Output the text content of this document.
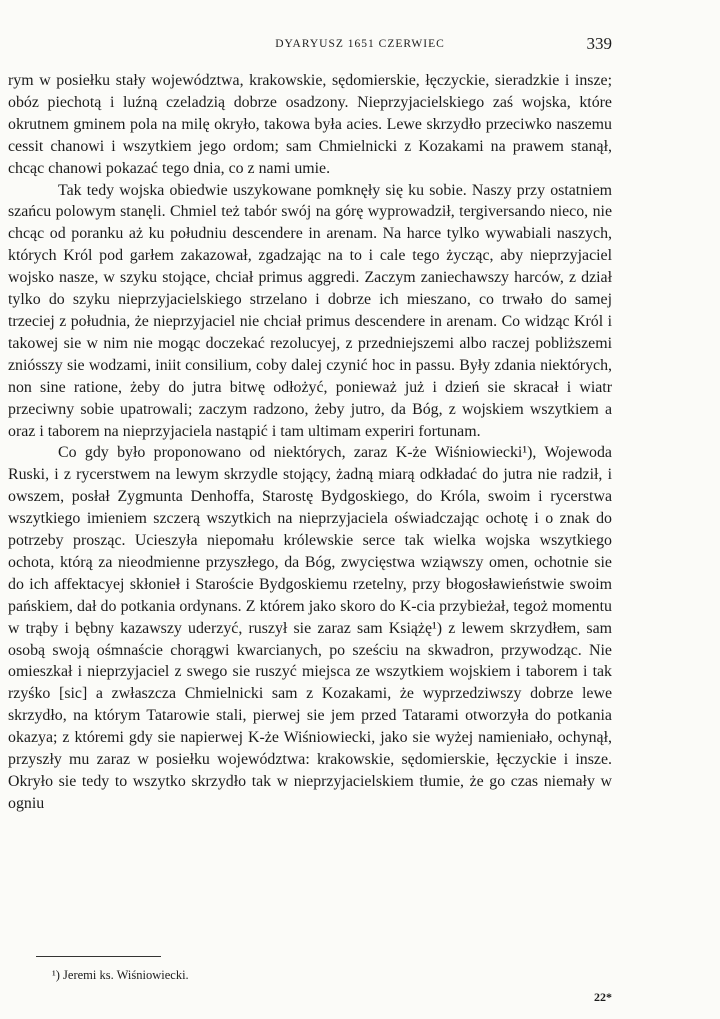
DYARYUSZ 1651 CZERWIEC	339

rym w posiełku stały województwa, krakowskie, sędomierskie, łęczyckie, sieradzkie i insze; obóz piechotą i luźną czeladzią dobrze osadzony. Nieprzyjacielskiego zaś wojska, które okrutnem gminem pola na milę okryło, takowa była acies. Lewe skrzydło przeciwko naszemu cessit chanowi i wszytkiem jego ordom; sam Chmielnicki z Kozakami na prawem stanął, chcąc chanowi pokazać tego dnia, co z nami umie.

Tak tedy wojska obiedwie uszykowane pomknęły się ku sobie. Naszy przy ostatniem szańcu polowym stanęli. Chmiel też tabór swój na górę wyprowadził, tergiversando nieco, nie chcąc od poranku aż ku południu descendere in arenam. Na harce tylko wywabiali naszych, których Król pod garłem zakazował, zgadzając na to i cale tego życząc, aby nieprzyjaciel wojsko nasze, w szyku stojące, chciał primus aggredi. Zaczym zaniechawszy harców, z dział tylko do szyku nieprzyjacielskiego strzelano i dobrze ich mieszano, co trwało do samej trzeciej z południa, że nieprzyjaciel nie chciał primus descendere in arenam. Co widząc Król i takowej sie w nim nie mogąc doczekać rezolucyej, z przedniejszemi albo raczej pobliższemi zniósszy sie wodzami, iniit consilium, coby dalej czynić hoc in passu. Były zdania niektórych, non sine ratione, żeby do jutra bitwę odłożyć, ponieważ już i dzień sie skracał i wiatr przeciwny sobie upatrowali; zaczym radzono, żeby jutro, da Bóg, z wojskiem wszytkiem a oraz i taborem na nieprzyjaciela nastąpić i tam ultimam experiri fortunam.

Co gdy było proponowano od niektórych, zaraz K-że Wiśniowiecki¹), Wojewoda Ruski, i z rycerstwem na lewym skrzydle stojący, żadną miarą odkładać do jutra nie radził, i owszem, posłał Zygmunta Denhoffa, Starostę Bydgoskiego, do Króla, swoim i rycerstwa wszytkiego imieniem szczerą wszytkich na nieprzyjaciela oświadczając ochotę i o znak do potrzeby prosząc. Ucieszyła niepomału królewskie serce tak wielka wojska wszytkiego ochota, którą za nieodmienne przyszłego, da Bóg, zwycięstwa wziąwszy omen, ochotnie sie do ich affektacyej skłonieł i Staroście Bydgoskiemu rzetelny, przy błogosławieństwie swoim pańskiem, dał do potkania ordynans. Z którem jako skoro do K-cia przybieżał, tegoż momentu w trąby i bębny kazawszy uderzyć, ruszył sie zaraz sam Książę¹) z lewem skrzydłem, sam osobą swoją ośmnaście chorągwi kwarcianych, po sześciu na skwadron, przywodząc. Nie omieszkał i nieprzyjaciel z swego sie ruszyć miejsca ze wszytkiem wojskiem i taborem i tak rzyśko [sic] a zwłaszcza Chmielnicki sam z Kozakami, że wyprzedziwszy dobrze lewe skrzydło, na którym Tatarowie stali, pierwej sie jem przed Tatarami otworzyła do potkania okazya; z któremi gdy sie napierwej K-że Wiśniowiecki, jako sie wyżej namieniało, ochynął, przyszły mu zaraz w posiełku województwa: krakowskie, sędomierskie, łęczyckie i insze. Okryło sie tedy to wszytko skrzydło tak w nieprzyjacielskiem tłumie, że go czas niemały w ogniu

¹) Jeremi ks. Wiśniowiecki.
22*
